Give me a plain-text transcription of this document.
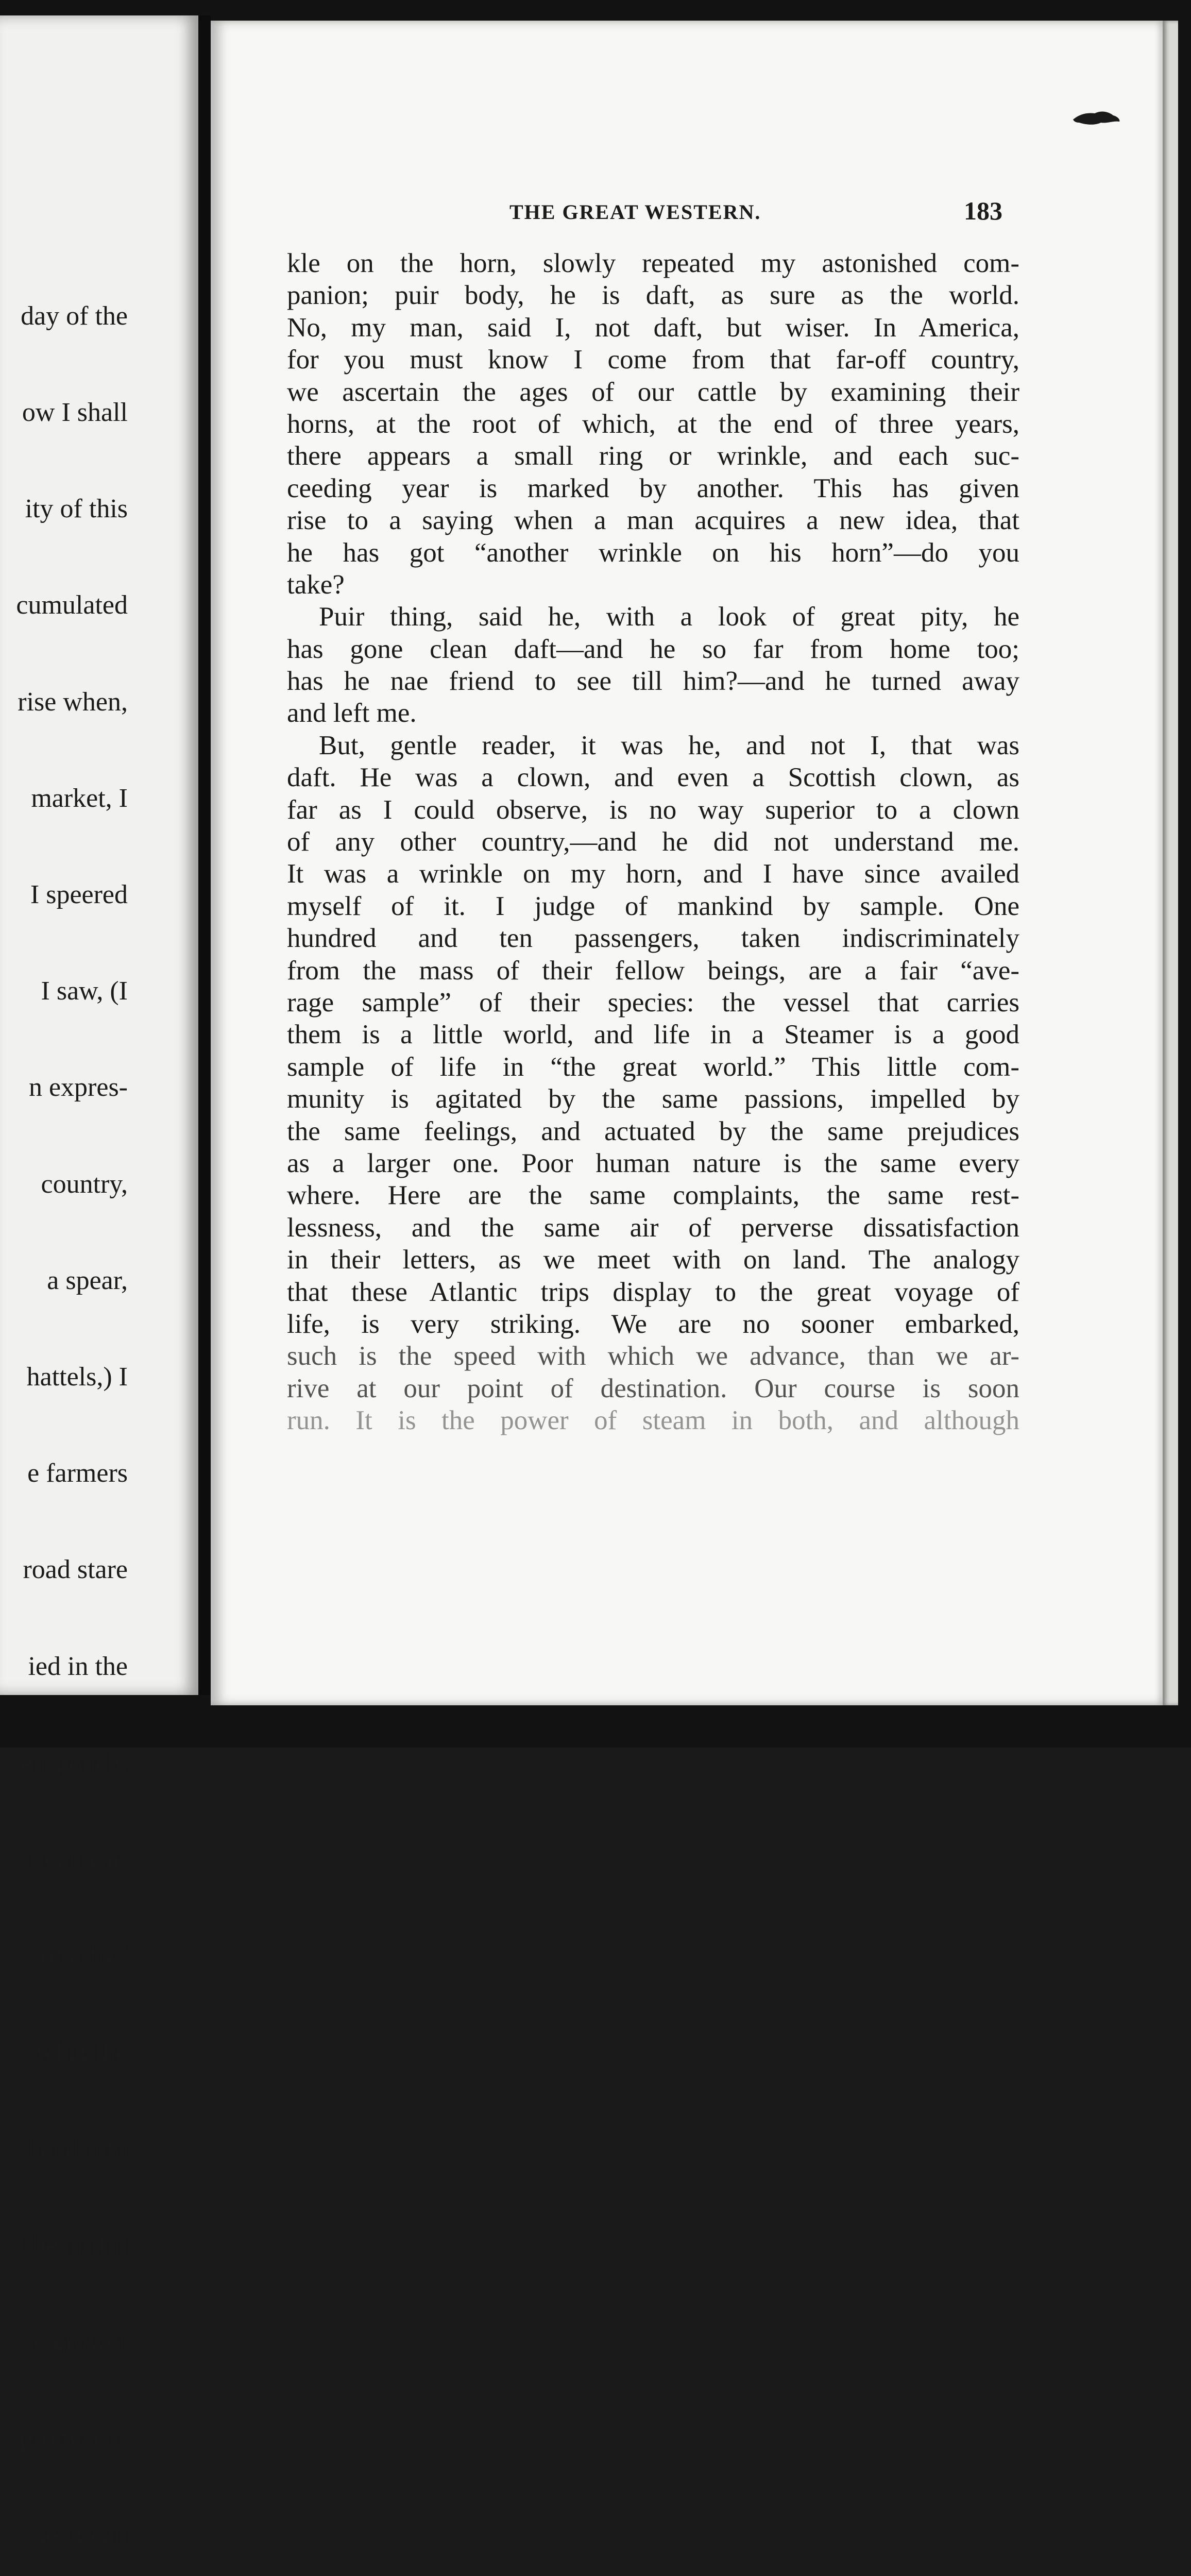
day of the

ow I shall

ity of this

cumulated

rise when,

market, I

I speered

I saw, (I

n expres-

country,

a spear,

hattels,) I

e farmers

road stare

ied in the

eir pouch,

rican ear,

of a fiz"

-what the

hand into

f beautiful

e grower

promiscu-

as it can

THE GREAT WESTERN.	183
kle on the horn, slowly repeated my astonished com-
panion; puir body, he is daft, as sure as the world.
No, my man, said I, not daft, but wiser. In America,
for you must know I come from that far-off country,
we ascertain the ages of our cattle by examining their
horns, at the root of which, at the end of three years,
there appears a small ring or wrinkle, and each suc-
ceeding year is marked by another. This has given
rise to a saying when a man acquires a new idea, that
he has got “another wrinkle on his horn”—do you
take?
Puir thing, said he, with a look of great pity, he
has gone clean daft—and he so far from home too;
has he nae friend to see till him?—and he turned away
and left me.
But, gentle reader, it was he, and not I, that was
daft. He was a clown, and even a Scottish clown, as
far as I could observe, is no way superior to a clown
of any other country,—and he did not understand me.
It was a wrinkle on my horn, and I have since availed
myself of it. I judge of mankind by sample. One
hundred and ten passengers, taken indiscriminately
from the mass of their fellow beings, are a fair “ave-
rage sample” of their species: the vessel that carries
them is a little world, and life in a Steamer is a good
sample of life in “the great world.” This little com-
munity is agitated by the same passions, impelled by
the same feelings, and actuated by the same prejudices
as a larger one. Poor human nature is the same every
where. Here are the same complaints, the same rest-
lessness, and the same air of perverse dissatisfaction
in their letters, as we meet with on land. The analogy
that these Atlantic trips display to the great voyage of
life, is very striking. We are no sooner embarked,
such is the speed with which we advance, than we ar-
rive at our point of destination. Our course is soon
run. It is the power of steam in both, and although
